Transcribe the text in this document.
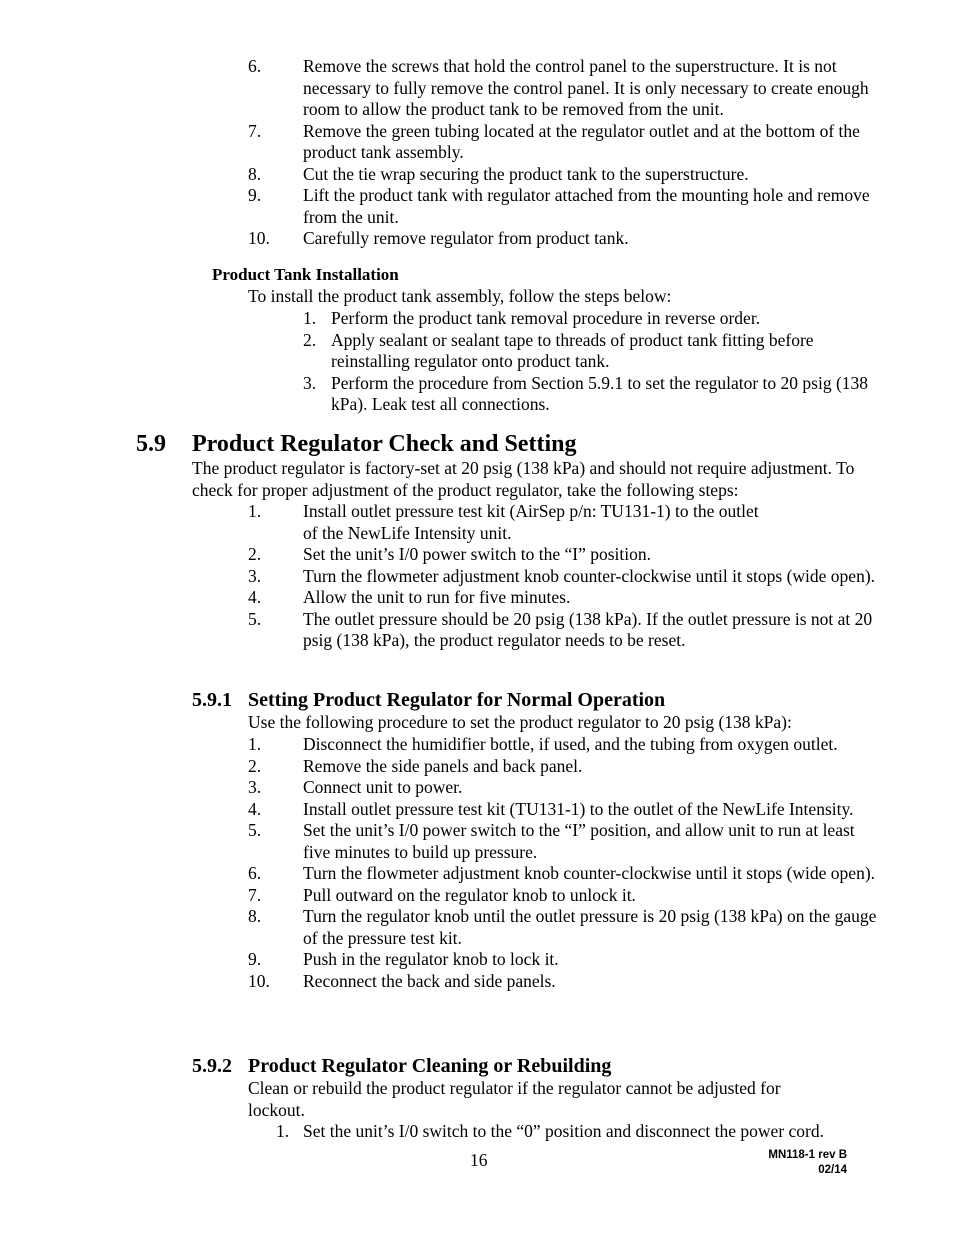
6. Remove the screws that hold the control panel to the superstructure. It is not necessary to fully remove the control panel. It is only necessary to create enough room to allow the product tank to be removed from the unit.
7. Remove the green tubing located at the regulator outlet and at the bottom of the product tank assembly.
8. Cut the tie wrap securing the product tank to the superstructure.
9. Lift the product tank with regulator attached from the mounting hole and remove from the unit.
10. Carefully remove regulator from product tank.
Product Tank Installation
To install the product tank assembly, follow the steps below:
1. Perform the product tank removal procedure in reverse order.
2. Apply sealant or sealant tape to threads of product tank fitting before reinstalling regulator onto product tank.
3. Perform the procedure from Section 5.9.1 to set the regulator to 20 psig (138 kPa). Leak test all connections.
5.9 Product Regulator Check and Setting
The product regulator is factory-set at 20 psig (138 kPa) and should not require adjustment. To check for proper adjustment of the product regulator, take the following steps:
1. Install outlet pressure test kit (AirSep p/n: TU131-1) to the outlet
of the NewLife Intensity unit.
2. Set the unit’s I/0 power switch to the “I” position.
3. Turn the flowmeter adjustment knob counter-clockwise until it stops (wide open).
4. Allow the unit to run for five minutes.
5. The outlet pressure should be 20 psig (138 kPa). If the outlet pressure is not at 20 psig (138 kPa), the product regulator needs to be reset.
5.9.1 Setting Product Regulator for Normal Operation
Use the following procedure to set the product regulator to 20 psig (138 kPa):
1. Disconnect the humidifier bottle, if used, and the tubing from oxygen outlet.
2. Remove the side panels and back panel.
3. Connect unit to power.
4. Install outlet pressure test kit (TU131-1) to the outlet of the NewLife Intensity.
5. Set the unit’s I/0 power switch to the “I” position, and allow unit to run at least five minutes to build up pressure.
6. Turn the flowmeter adjustment knob counter-clockwise until it stops (wide open).
7. Pull outward on the regulator knob to unlock it.
8. Turn the regulator knob until the outlet pressure is 20 psig (138 kPa) on the gauge of the pressure test kit.
9. Push in the regulator knob to lock it.
10. Reconnect the back and side panels.
5.9.2 Product Regulator Cleaning or Rebuilding
Clean or rebuild the product regulator if the regulator cannot be adjusted for lockout.
1. Set the unit’s I/0 switch to the “0” position and disconnect the power cord.
16	MN118-1 rev B
02/14
